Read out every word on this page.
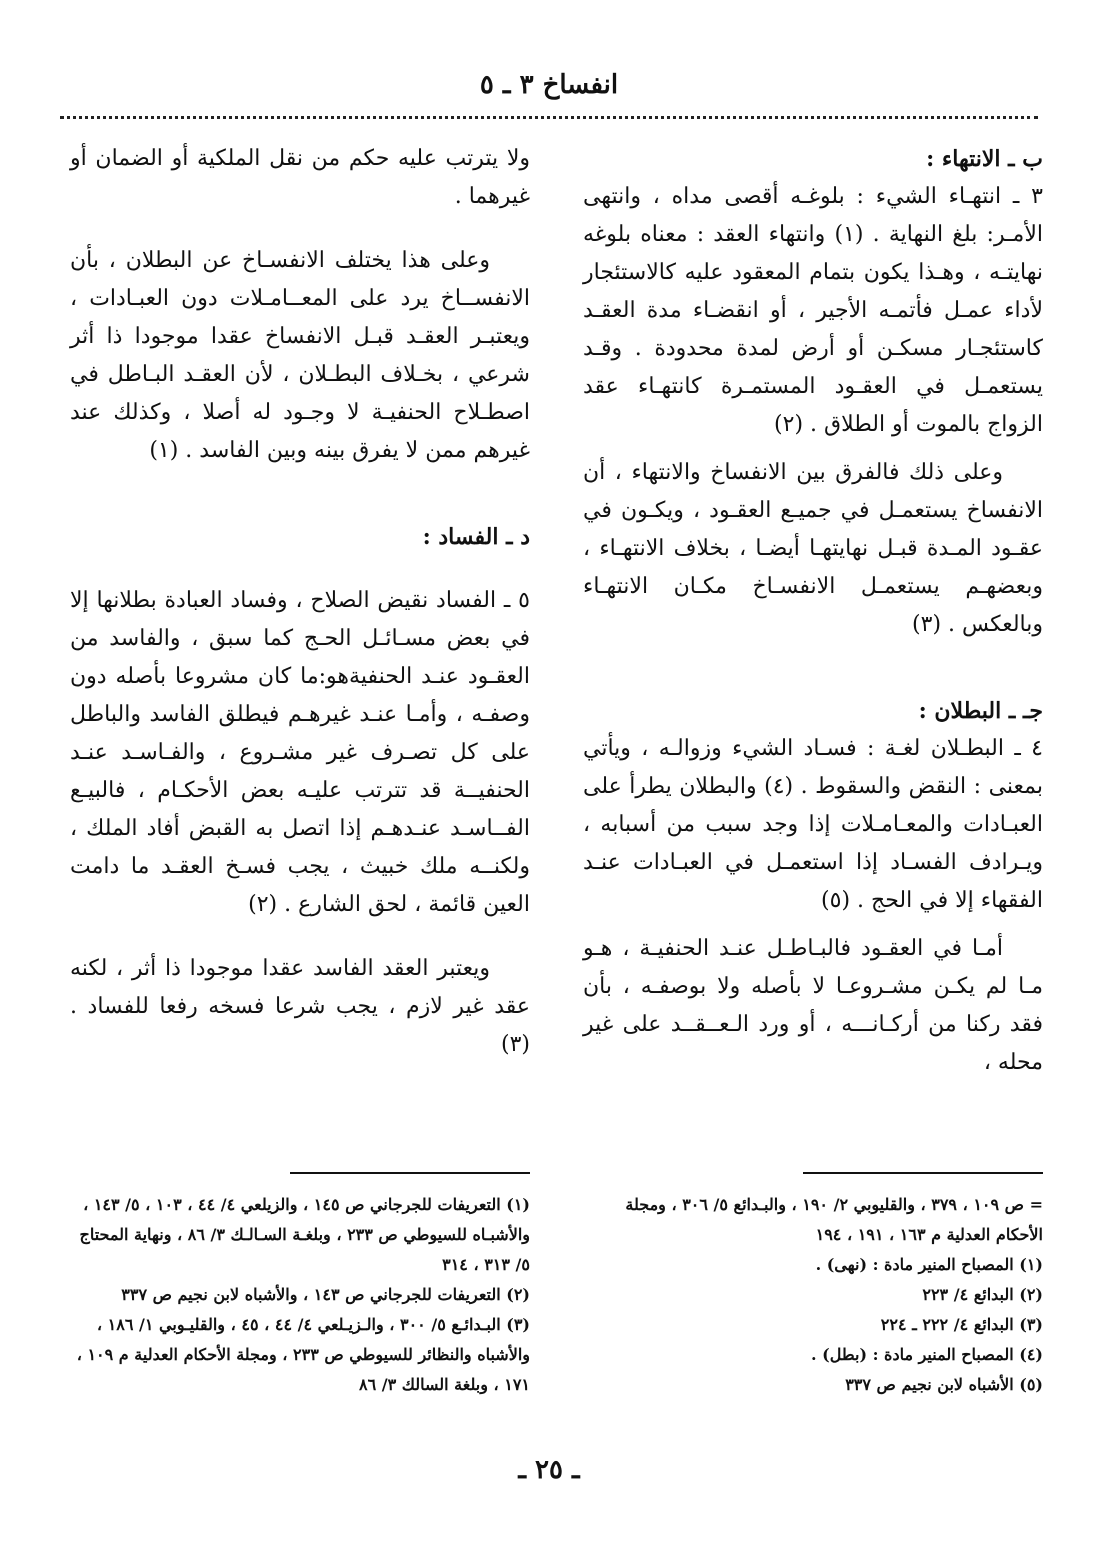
انفساخ ٣ ـ ٥

ب ـ الانتهاء :

٣ ـ انتهـاء الشيء : بلوغـه أقصى مداه ، وانتهى الأمـر: بلغ النهاية . (١) وانتهاء العقد : معناه بلوغه نهايتـه ، وهـذا يكون بتمام المعقود عليه كالاستئجار لأداء عمـل فأتمـه الأجير ، أو انقضـاء مدة العقـد كاستئجـار مسكـن أو أرض لمدة محدودة . وقـد يستعمـل في العقـود المستمـرة كانتهـاء عقد الزواج بالموت أو الطلاق . (٢)

وعلى ذلك فالفرق بين الانفساخ والانتهاء ، أن الانفساخ يستعمـل في جميـع العقـود ، ويكـون في عقـود المـدة قبـل نهايتهـا أيضـا ، بخلاف الانتهـاء ، وبعضهـم يستعمـل الانفسـاخ مكـان الانتهـاء وبالعكس . (٣)

جـ ـ البطلان :

٤ ـ البطـلان لغـة : فسـاد الشيء وزوالـه ، ويأتي بمعنى : النقض والسقوط . (٤) والبطلان يطرأ على العبـادات والمعـامـلات إذا وجد سبب من أسبابه ، ويـرادف الفسـاد إذا استعمـل في العبـادات عنـد الفقهاء إلا في الحج . (٥)

أمـا في العقـود فالبـاطـل عنـد الحنفيـة ، هـو مـا لم يكـن مشـروعـا لا بأصله ولا بوصفـه ، بأن فقد ركنا من أركـانـــه ، أو ورد الـعــقــد على غير محله ،

ولا يترتب عليه حكم من نقل الملكية أو الضمان أو غيرهما .

وعلى هذا يختلف الانفسـاخ عن البطلان ، بأن الانفســاخ يرد على المعــامـلات دون العبـادات ، ويعتبـر العقـد قبـل الانفساخ عقدا موجودا ذا أثر شرعي ، بخـلاف البطـلان ، لأن العقـد البـاطل في اصطـلاح الحنفيـة لا وجـود له أصلا ، وكذلك عند غيرهم ممن لا يفرق بينه وبين الفاسد . (١)

د ـ الفساد :

٥ ـ الفساد نقيض الصلاح ، وفساد العبادة بطلانها إلا في بعض مسـائـل الحـج كما سبق ، والفاسد من العقـود عنـد الحنفيةهو:ما كان مشروعا بأصله دون وصفـه ، وأمـا عنـد غيرهـم فيطلق الفاسد والباطل على كل تصـرف غير مشـروع ، والفـاسـد عنـد الحنفيــة قد تترتب عليـه بعض الأحكـام ، فالبيـع الفــاسـد عنـدهـم إذا اتصل به القبض أفاد الملك ، ولكنــه ملك خبيث ، يجب فسـخ العقـد ما دامت العين قائمة ، لحق الشارع . (٢)

ويعتبر العقد الفاسد عقدا موجودا ذا أثر ، لكنه عقد غير لازم ، يجب شرعا فسخه رفعا للفساد . (٣)

= ص ١٠٩ ، ٣٧٩ ، والقليوبي ٢/ ١٩٠ ، والبـدائع ٥/ ٣٠٦ ، ومجلة الأحكام العدلية م ١٦٣ ، ١٩١ ، ١٩٤

(١) المصباح المنير مادة : (نهى) .

(٢) البدائع ٤/ ٢٢٣

(٣) البدائع ٤/ ٢٢٢ ـ ٢٢٤

(٤) المصباح المنير مادة : (بطل) .

(٥) الأشباه لابن نجيم ص ٣٣٧

(١) التعريفات للجرجاني ص ١٤٥ ، والزيلعي ٤/ ٤٤ ، ١٠٣ ، ٥/ ١٤٣ ، والأشبـاه للسيوطي ص ٢٣٣ ، وبلغـة السـالـك ٣/ ٨٦ ، ونهاية المحتاج ٥/ ٣١٣ ، ٣١٤

(٢) التعريفات للجرجاني ص ١٤٣ ، والأشباه لابن نجيم ص ٣٣٧

(٣) البـدائـع ٥/ ٣٠٠ ، والـزيـلعي ٤/ ٤٤ ، ٤٥ ، والقليـوبي ١/ ١٨٦ ، والأشباه والنظائر للسيوطي ص ٢٣٣ ، ومجلة الأحكام العدلية م ١٠٩ ، ١٧١ ، وبلغة السالك ٣/ ٨٦

ـ ٢٥ ـ
